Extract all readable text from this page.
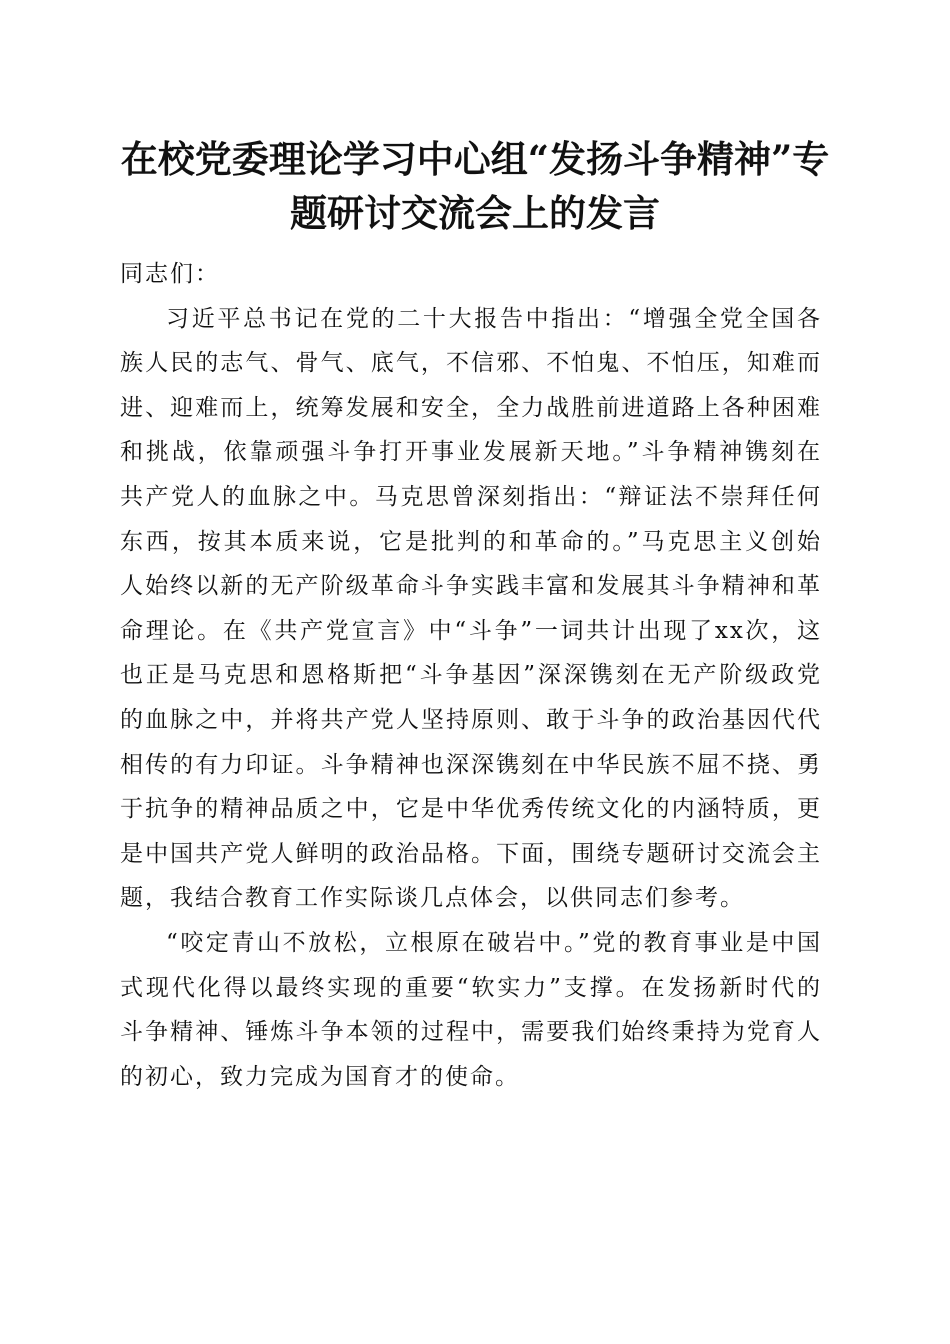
在校党委理论学习中心组“发扬斗争精神”专
题研讨交流会上的发言

同志们：

习近平总书记在党的二十大报告中指出：“增强全党全国各族人民的志气、骨气、底气，不信邪、不怕鬼、不怕压，知难而进、迎难而上，统筹发展和安全，全力战胜前进道路上各种困难和挑战，依靠顽强斗争打开事业发展新天地。”斗争精神镌刻在共产党人的血脉之中。马克思曾深刻指出：“辩证法不崇拜任何东西，按其本质来说，它是批判的和革命的。”马克思主义创始人始终以新的无产阶级革命斗争实践丰富和发展其斗争精神和革命理论。在《共产党宣言》中“斗争”一词共计出现了xx次，这也正是马克思和恩格斯把“斗争基因”深深镌刻在无产阶级政党的血脉之中，并将共产党人坚持原则、敢于斗争的政治基因代代相传的有力印证。斗争精神也深深镌刻在中华民族不屈不挠、勇于抗争的精神品质之中，它是中华优秀传统文化的内涵特质，更是中国共产党人鲜明的政治品格。下面，围绕专题研讨交流会主题，我结合教育工作实际谈几点体会，以供同志们参考。

“咬定青山不放松，立根原在破岩中。”党的教育事业是中国式现代化得以最终实现的重要“软实力”支撑。在发扬新时代的斗争精神、锤炼斗争本领的过程中，需要我们始终秉持为党育人的初心，致力完成为国育才的使命。
